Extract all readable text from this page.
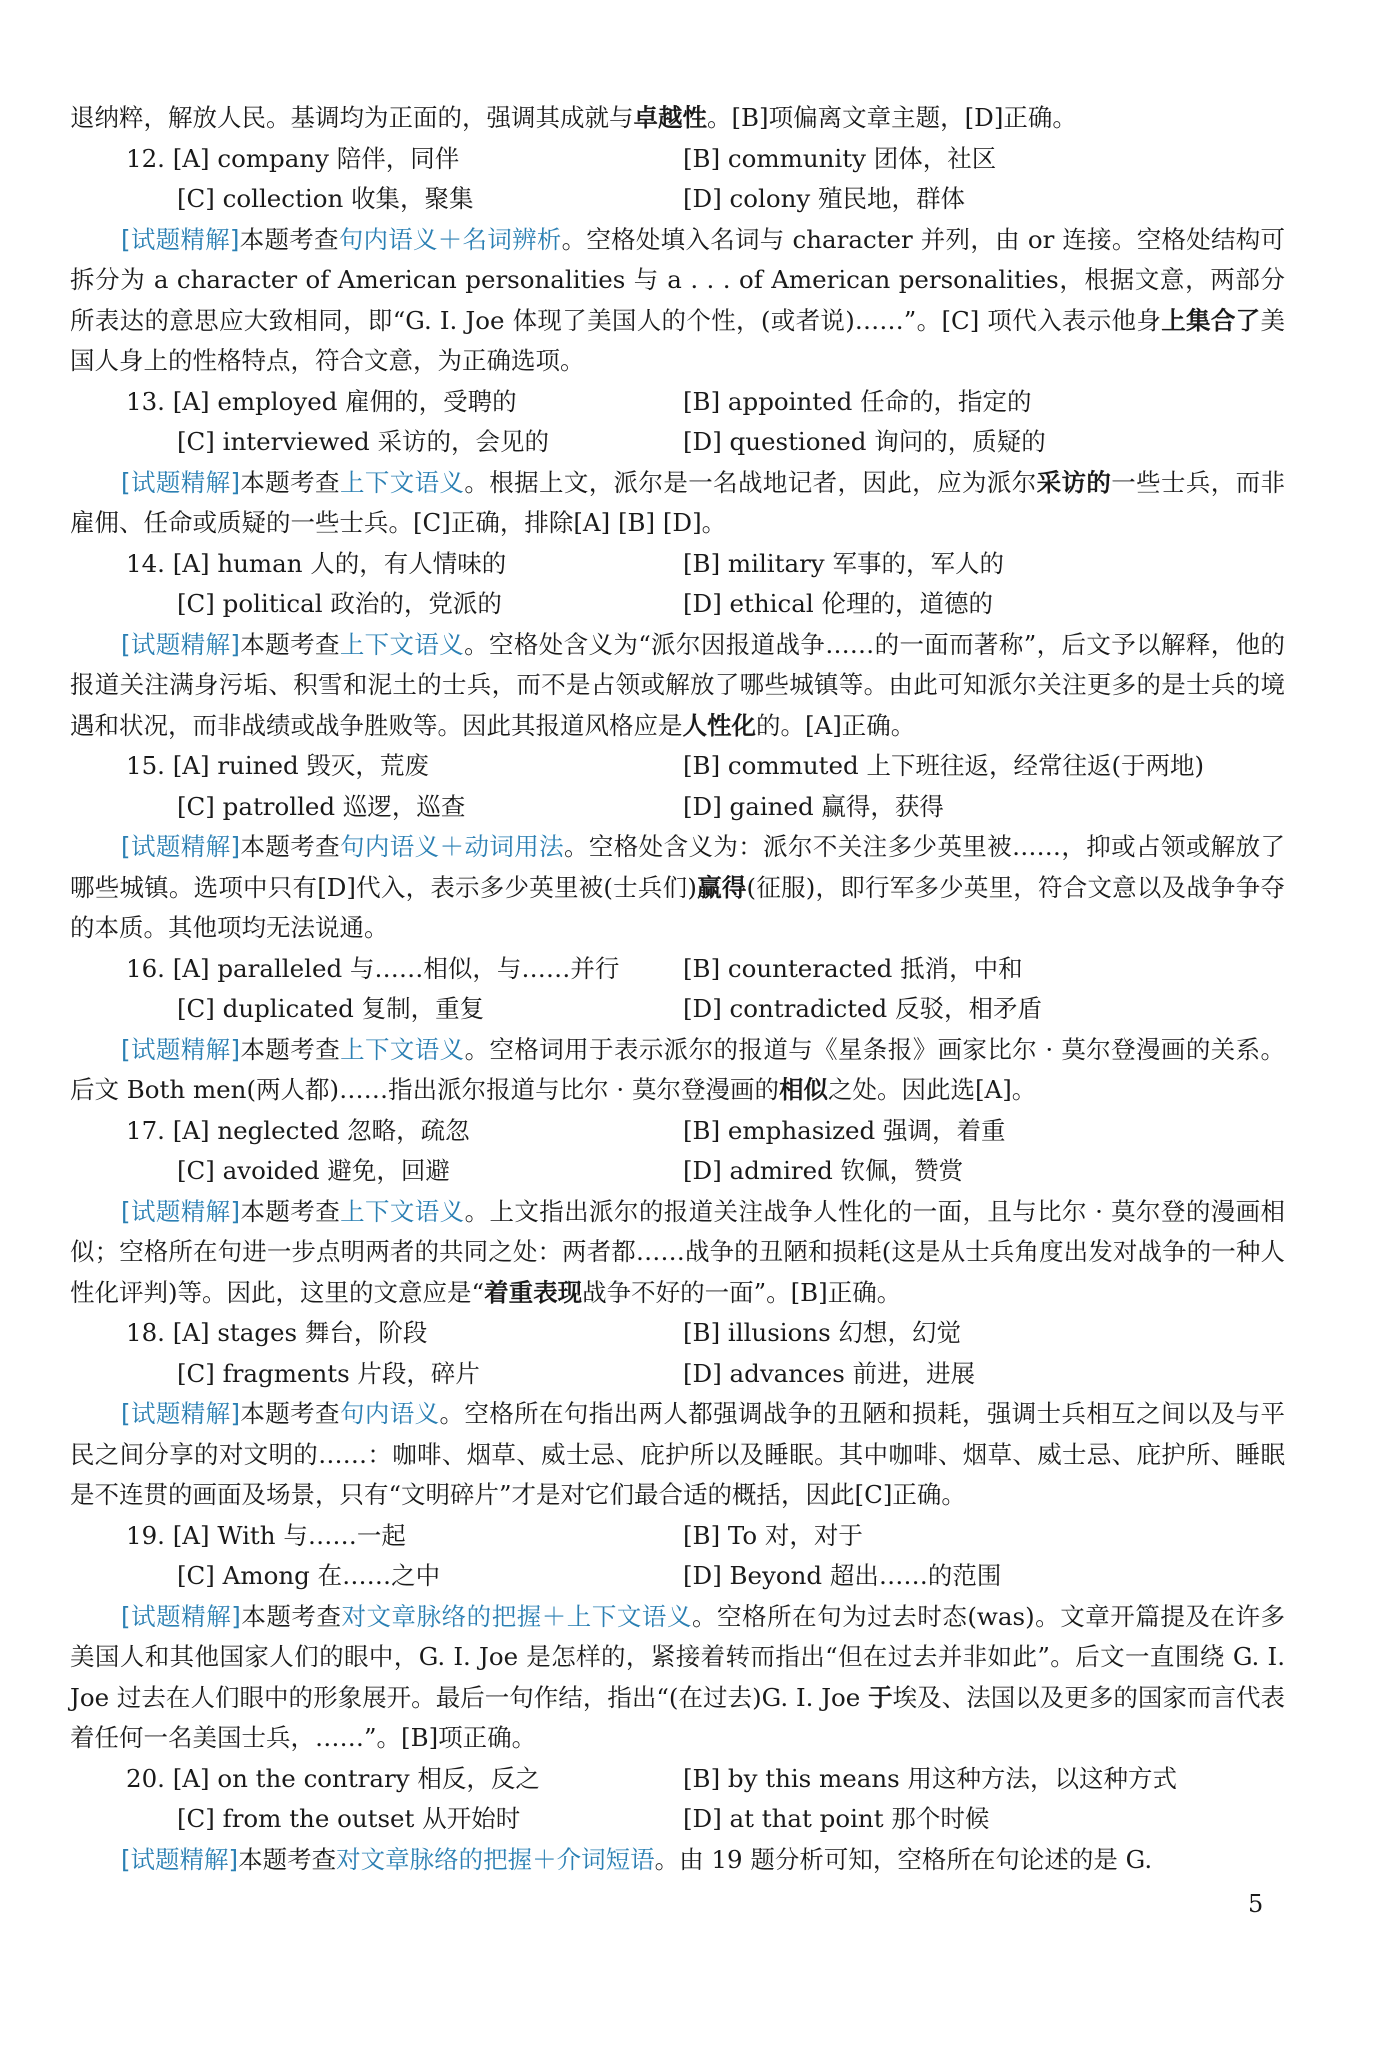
退纳粹，解放人民。基调均为正面的，强调其成就与卓越性。[B]项偏离文章主题，[D]正确。

12. [A] company 陪伴，同伴	[B] community 团体，社区
[C] collection 收集，聚集	[D] colony 殖民地，群体

[试题精解]本题考查句内语义＋名词辨析。空格处填入名词与 character 并列，由 or 连接。空格处结构可拆分为 a character of American personalities 与 a . . . of American personalities，根据文意，两部分所表达的意思应大致相同，即“G. I. Joe 体现了美国人的个性，(或者说)……”。[C] 项代入表示他身上集合了美国人身上的性格特点，符合文意，为正确选项。

13. [A] employed 雇佣的，受聘的	[B] appointed 任命的，指定的
[C] interviewed 采访的，会见的	[D] questioned 询问的，质疑的

[试题精解]本题考查上下文语义。根据上文，派尔是一名战地记者，因此，应为派尔采访的一些士兵，而非雇佣、任命或质疑的一些士兵。[C]正确，排除[A] [B] [D]。

14. [A] human 人的，有人情味的	[B] military 军事的，军人的
[C] political 政治的，党派的	[D] ethical 伦理的，道德的

[试题精解]本题考查上下文语义。空格处含义为“派尔因报道战争……的一面而著称”，后文予以解释，他的报道关注满身污垢、积雪和泥土的士兵，而不是占领或解放了哪些城镇等。由此可知派尔关注更多的是士兵的境遇和状况，而非战绩或战争胜败等。因此其报道风格应是人性化的。[A]正确。

15. [A] ruined 毁灭，荒废	[B] commuted 上下班往返，经常往返(于两地)
[C] patrolled 巡逻，巡查	[D] gained 赢得，获得

[试题精解]本题考查句内语义＋动词用法。空格处含义为：派尔不关注多少英里被……，抑或占领或解放了哪些城镇。选项中只有[D]代入，表示多少英里被(士兵们)赢得(征服)，即行军多少英里，符合文意以及战争争夺的本质。其他项均无法说通。

16. [A] paralleled 与……相似，与……并行	[B] counteracted 抵消，中和
[C] duplicated 复制，重复	[D] contradicted 反驳，相矛盾

[试题精解]本题考查上下文语义。空格词用于表示派尔的报道与《星条报》画家比尔 · 莫尔登漫画的关系。后文 Both men(两人都)……指出派尔报道与比尔 · 莫尔登漫画的相似之处。因此选[A]。

17. [A] neglected 忽略，疏忽	[B] emphasized 强调，着重
[C] avoided 避免，回避	[D] admired 钦佩，赞赏

[试题精解]本题考查上下文语义。上文指出派尔的报道关注战争人性化的一面，且与比尔 · 莫尔登的漫画相似；空格所在句进一步点明两者的共同之处：两者都……战争的丑陋和损耗(这是从士兵角度出发对战争的一种人性化评判)等。因此，这里的文意应是“着重表现战争不好的一面”。[B]正确。

18. [A] stages 舞台，阶段	[B] illusions 幻想，幻觉
[C] fragments 片段，碎片	[D] advances 前进，进展

[试题精解]本题考查句内语义。空格所在句指出两人都强调战争的丑陋和损耗，强调士兵相互之间以及与平民之间分享的对文明的……：咖啡、烟草、威士忌、庇护所以及睡眠。其中咖啡、烟草、威士忌、庇护所、睡眠是不连贯的画面及场景，只有“文明碎片”才是对它们最合适的概括，因此[C]正确。

19. [A] With 与……一起	[B] To 对，对于
[C] Among 在……之中	[D] Beyond 超出……的范围

[试题精解]本题考查对文章脉络的把握＋上下文语义。空格所在句为过去时态(was)。文章开篇提及在许多美国人和其他国家人们的眼中，G. I. Joe 是怎样的，紧接着转而指出“但在过去并非如此”。后文一直围绕 G. I. Joe 过去在人们眼中的形象展开。最后一句作结，指出“(在过去)G. I. Joe 于埃及、法国以及更多的国家而言代表着任何一名美国士兵，……”。[B]项正确。

20. [A] on the contrary 相反，反之	[B] by this means 用这种方法，以这种方式
[C] from the outset 从开始时	[D] at that point 那个时候

[试题精解]本题考查对文章脉络的把握＋介词短语。由 19 题分析可知，空格所在句论述的是 G.

5
